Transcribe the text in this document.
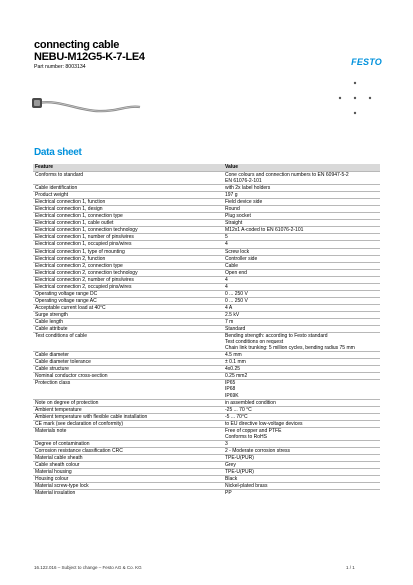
connecting cable
NEBU-M12G5-K-7-LE4
Part number: 8003134	FESTO
Data sheet
Feature	Value
Conforms to standard	Cone colours and connection numbers to EN 60947-5-2
EN 61076-2-101

Cable identification	with 2x label holders

Product weight	197 g

Electrical connection 1, function	Field device side

Electrical connection 1, design	Round

Electrical connection 1, connection type	Plug socket

Electrical connection 1, cable outlet	Straight

Electrical connection 1, connection technology	M12x1 A-coded to EN 61076-2-101

Electrical connection 1, number of pins/wires	5

Electrical connection 1, occupied pins/wires	4

Electrical connection 1, type of mounting	Screw lock

Electrical connection 2, function	Controller side

Electrical connection 2, connection type	Cable

Electrical connection 2, connection technology	Open end

Electrical connection 2, number of pins/wires	4

Electrical connection 2, occupied pins/wires	4

Operating voltage range DC	0 ... 250 V

Operating voltage range AC	0 ... 250 V

Acceptable current load at 40°C	4 A

Surge strength	2.5 kV

Cable length	7 m

Cable attribute	Standard

Test conditions of cable	Bending strength: according to Festo standard
Test conditions on request
Chain link trunking: 5 million cycles, bending radius 75 mm

Cable diameter	4.5 mm

Cable diameter tolerance	± 0.1 mm

Cable structure	4x0.25

Nominal conductor cross-section	0.25 mm2

Protection class	IP65
IP68
IP69K

Note on degree of protection	in assembled condition

Ambient temperature	-25 ... 70 °C

Ambient temperature with flexible cable installation	-5 ... 70°C

CE mark (see declaration of conformity)	to EU directive low-voltage devices

Materials note	Free of copper and PTFE
Conforms to RoHS

Degree of contamination	3

Corrosion resistance classification CRC	2 - Moderate corrosion stress

Material cable sheath	TPE-U(PUR)

Cable sheath colour	Grey

Material housing	TPE-U(PUR)

Housing colour	Black

Material screw-type lock	Nickel-plated brass

Material insulation	PP
16.122.016 – Subject to change – Festo AG & Co. KG	1 / 1
